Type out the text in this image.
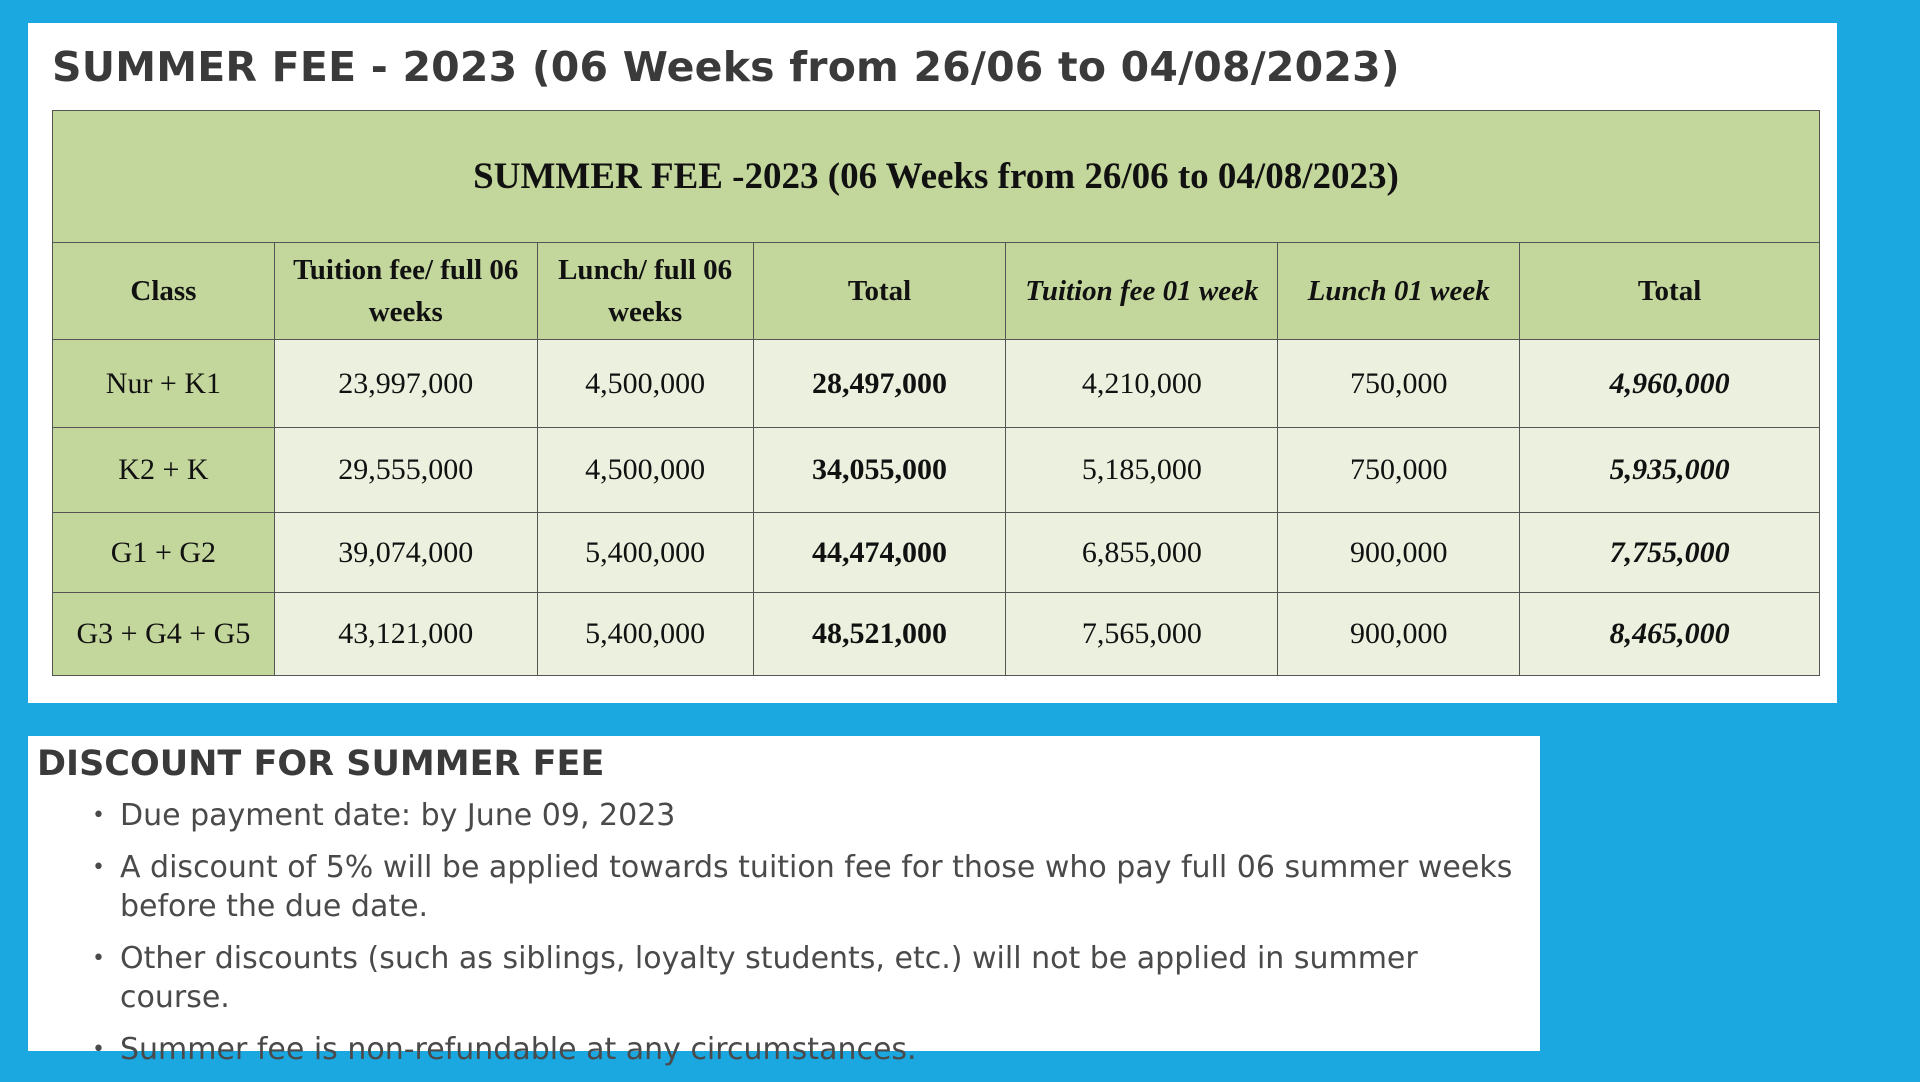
SUMMER FEE - 2023 (06 Weeks from 26/06 to 04/08/2023)
SUMMER FEE -2023 (06 Weeks from 26/06 to 04/08/2023)						
Class	Tuition fee/ full 06 weeks	Lunch/ full 06 weeks	Total	Tuition fee 01 week	Lunch 01 week	Total
Nur + K1	23,997,000	4,500,000	28,497,000	4,210,000	750,000	4,960,000
K2 + K	29,555,000	4,500,000	34,055,000	5,185,000	750,000	5,935,000
G1 + G2	39,074,000	5,400,000	44,474,000	6,855,000	900,000	7,755,000
G3 + G4 + G5	43,121,000	5,400,000	48,521,000	7,565,000	900,000	8,465,000
DISCOUNT FOR SUMMER FEE
• Due payment date: by June 09, 2023
• A discount of 5% will be applied towards tuition fee for those who pay full 06 summer weeks before the due date.
• Other discounts (such as siblings, loyalty students, etc.) will not be applied in summer course.
• Summer fee is non-refundable at any circumstances.
